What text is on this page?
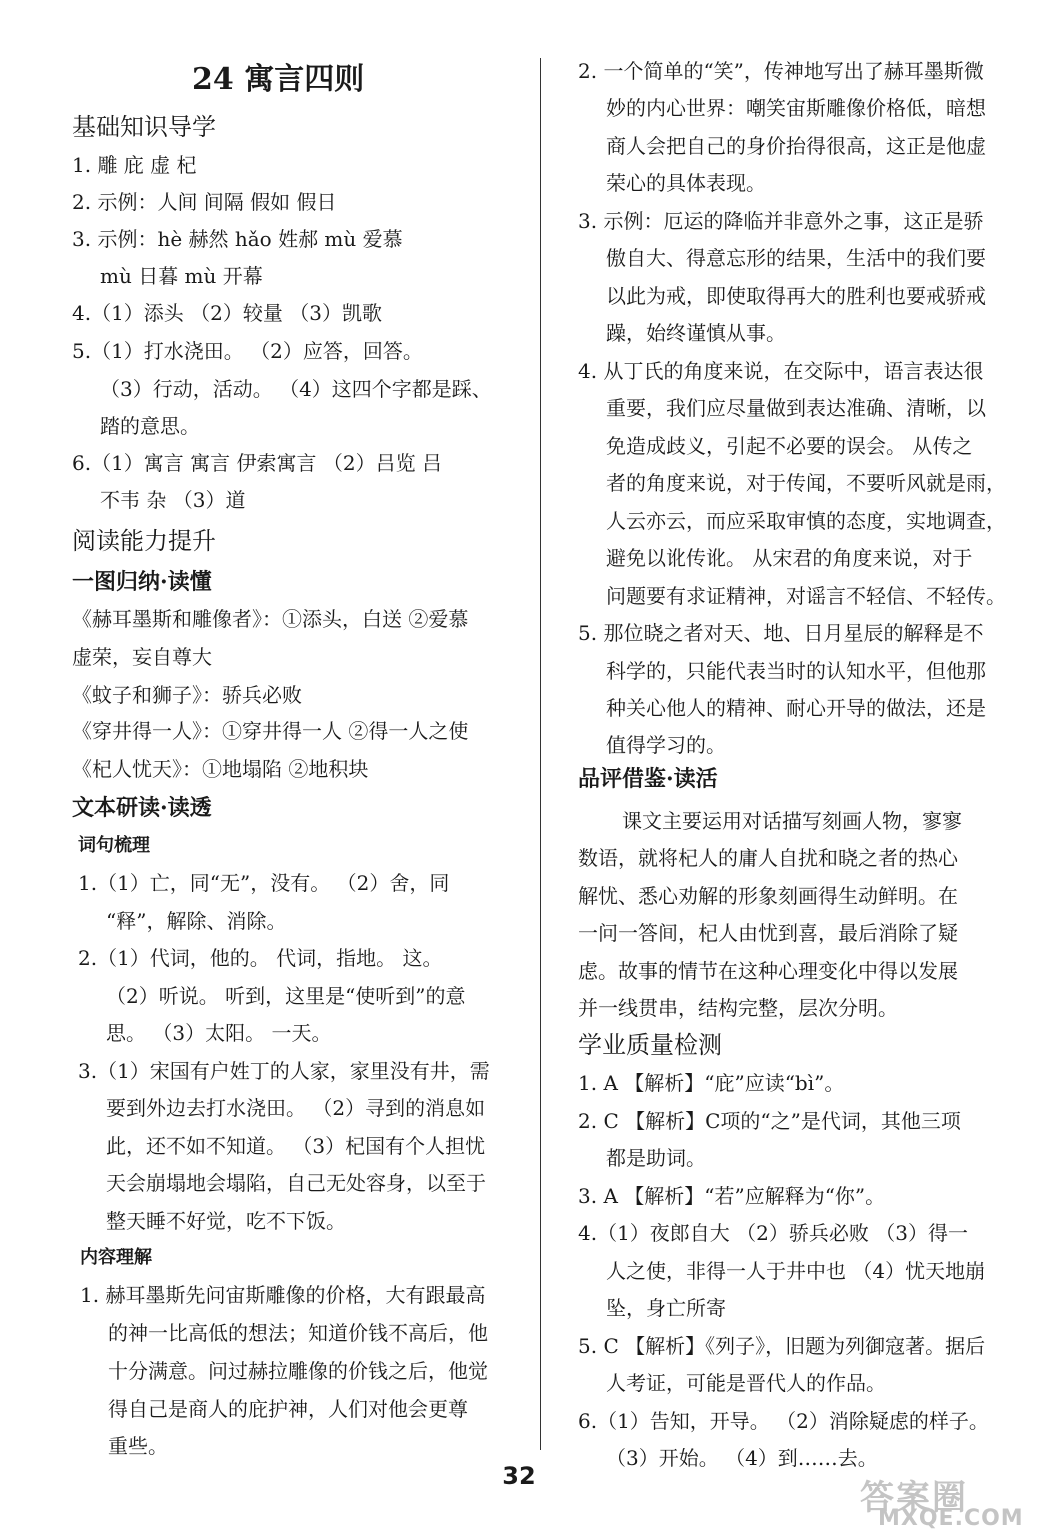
24 寓言四则
基础知识导学
1. 雕 庇 虚 杞
2. 示例：人间 间隔 假如 假日
3. 示例：hè 赫然 hǎo 姓郝 mù 爱慕
mù 日暮 mù 开幕
4.（1）添头 （2）较量 （3）凯歌
5.（1）打水浇田。 （2）应答，回答。
（3）行动，活动。 （4）这四个字都是踩、
踏的意思。
6.（1）寓言 寓言 伊索寓言 （2）吕览 吕
不韦 杂 （3）道
阅读能力提升
一图归纳·读懂
《赫耳墨斯和雕像者》：①添头，白送 ②爱慕
虚荣，妄自尊大
《蚊子和狮子》：骄兵必败
《穿井得一人》：①穿井得一人 ②得一人之使
《杞人忧天》：①地塌陷 ②地积块
文本研读·读透
词句梳理
1.（1）亡，同“无”，没有。 （2）舍，同
“释”，解除、消除。
2.（1）代词，他的。 代词，指地。 这。
（2）听说。 听到，这里是“使听到”的意
思。 （3）太阳。 一天。
3.（1）宋国有户姓丁的人家，家里没有井，需
要到外边去打水浇田。 （2）寻到的消息如
此，还不如不知道。 （3）杞国有个人担忧
天会崩塌地会塌陷，自己无处容身，以至于
整天睡不好觉，吃不下饭。
内容理解
1. 赫耳墨斯先问宙斯雕像的价格，大有跟最高
的神一比高低的想法；知道价钱不高后，他
十分满意。问过赫拉雕像的价钱之后，他觉
得自己是商人的庇护神，人们对他会更尊
重些。
2. 一个简单的“笑”，传神地写出了赫耳墨斯微
妙的内心世界：嘲笑宙斯雕像价格低，暗想
商人会把自己的身价抬得很高，这正是他虚
荣心的具体表现。
3. 示例：厄运的降临并非意外之事，这正是骄
傲自大、得意忘形的结果，生活中的我们要
以此为戒，即使取得再大的胜利也要戒骄戒
躁，始终谨慎从事。
4. 从丁氏的角度来说，在交际中，语言表达很
重要，我们应尽量做到表达准确、清晰，以
免造成歧义，引起不必要的误会。 从传之
者的角度来说，对于传闻，不要听风就是雨，
人云亦云，而应采取审慎的态度，实地调查，
避免以讹传讹。 从宋君的角度来说，对于
问题要有求证精神，对谣言不轻信、不轻传。
5. 那位晓之者对天、地、日月星辰的解释是不
科学的，只能代表当时的认知水平，但他那
种关心他人的精神、耐心开导的做法，还是
值得学习的。
品评借鉴·读活
课文主要运用对话描写刻画人物，寥寥
数语，就将杞人的庸人自扰和晓之者的热心
解忧、悉心劝解的形象刻画得生动鲜明。在
一问一答间，杞人由忧到喜，最后消除了疑
虑。故事的情节在这种心理变化中得以发展
并一线贯串，结构完整，层次分明。
学业质量检测
1. A 【解析】“庇”应读“bì”。
2. C 【解析】C项的“之”是代词，其他三项
都是助词。
3. A 【解析】“若”应解释为“你”。
4.（1）夜郎自大 （2）骄兵必败 （3）得一
人之使，非得一人于井中也 （4）忧天地崩
坠，身亡所寄
5. C 【解析】《列子》，旧题为列御寇著。据后
人考证，可能是晋代人的作品。
6.（1）告知，开导。 （2）消除疑虑的样子。
（3）开始。 （4）到……去。
32
答案圈
MXQE.COM
